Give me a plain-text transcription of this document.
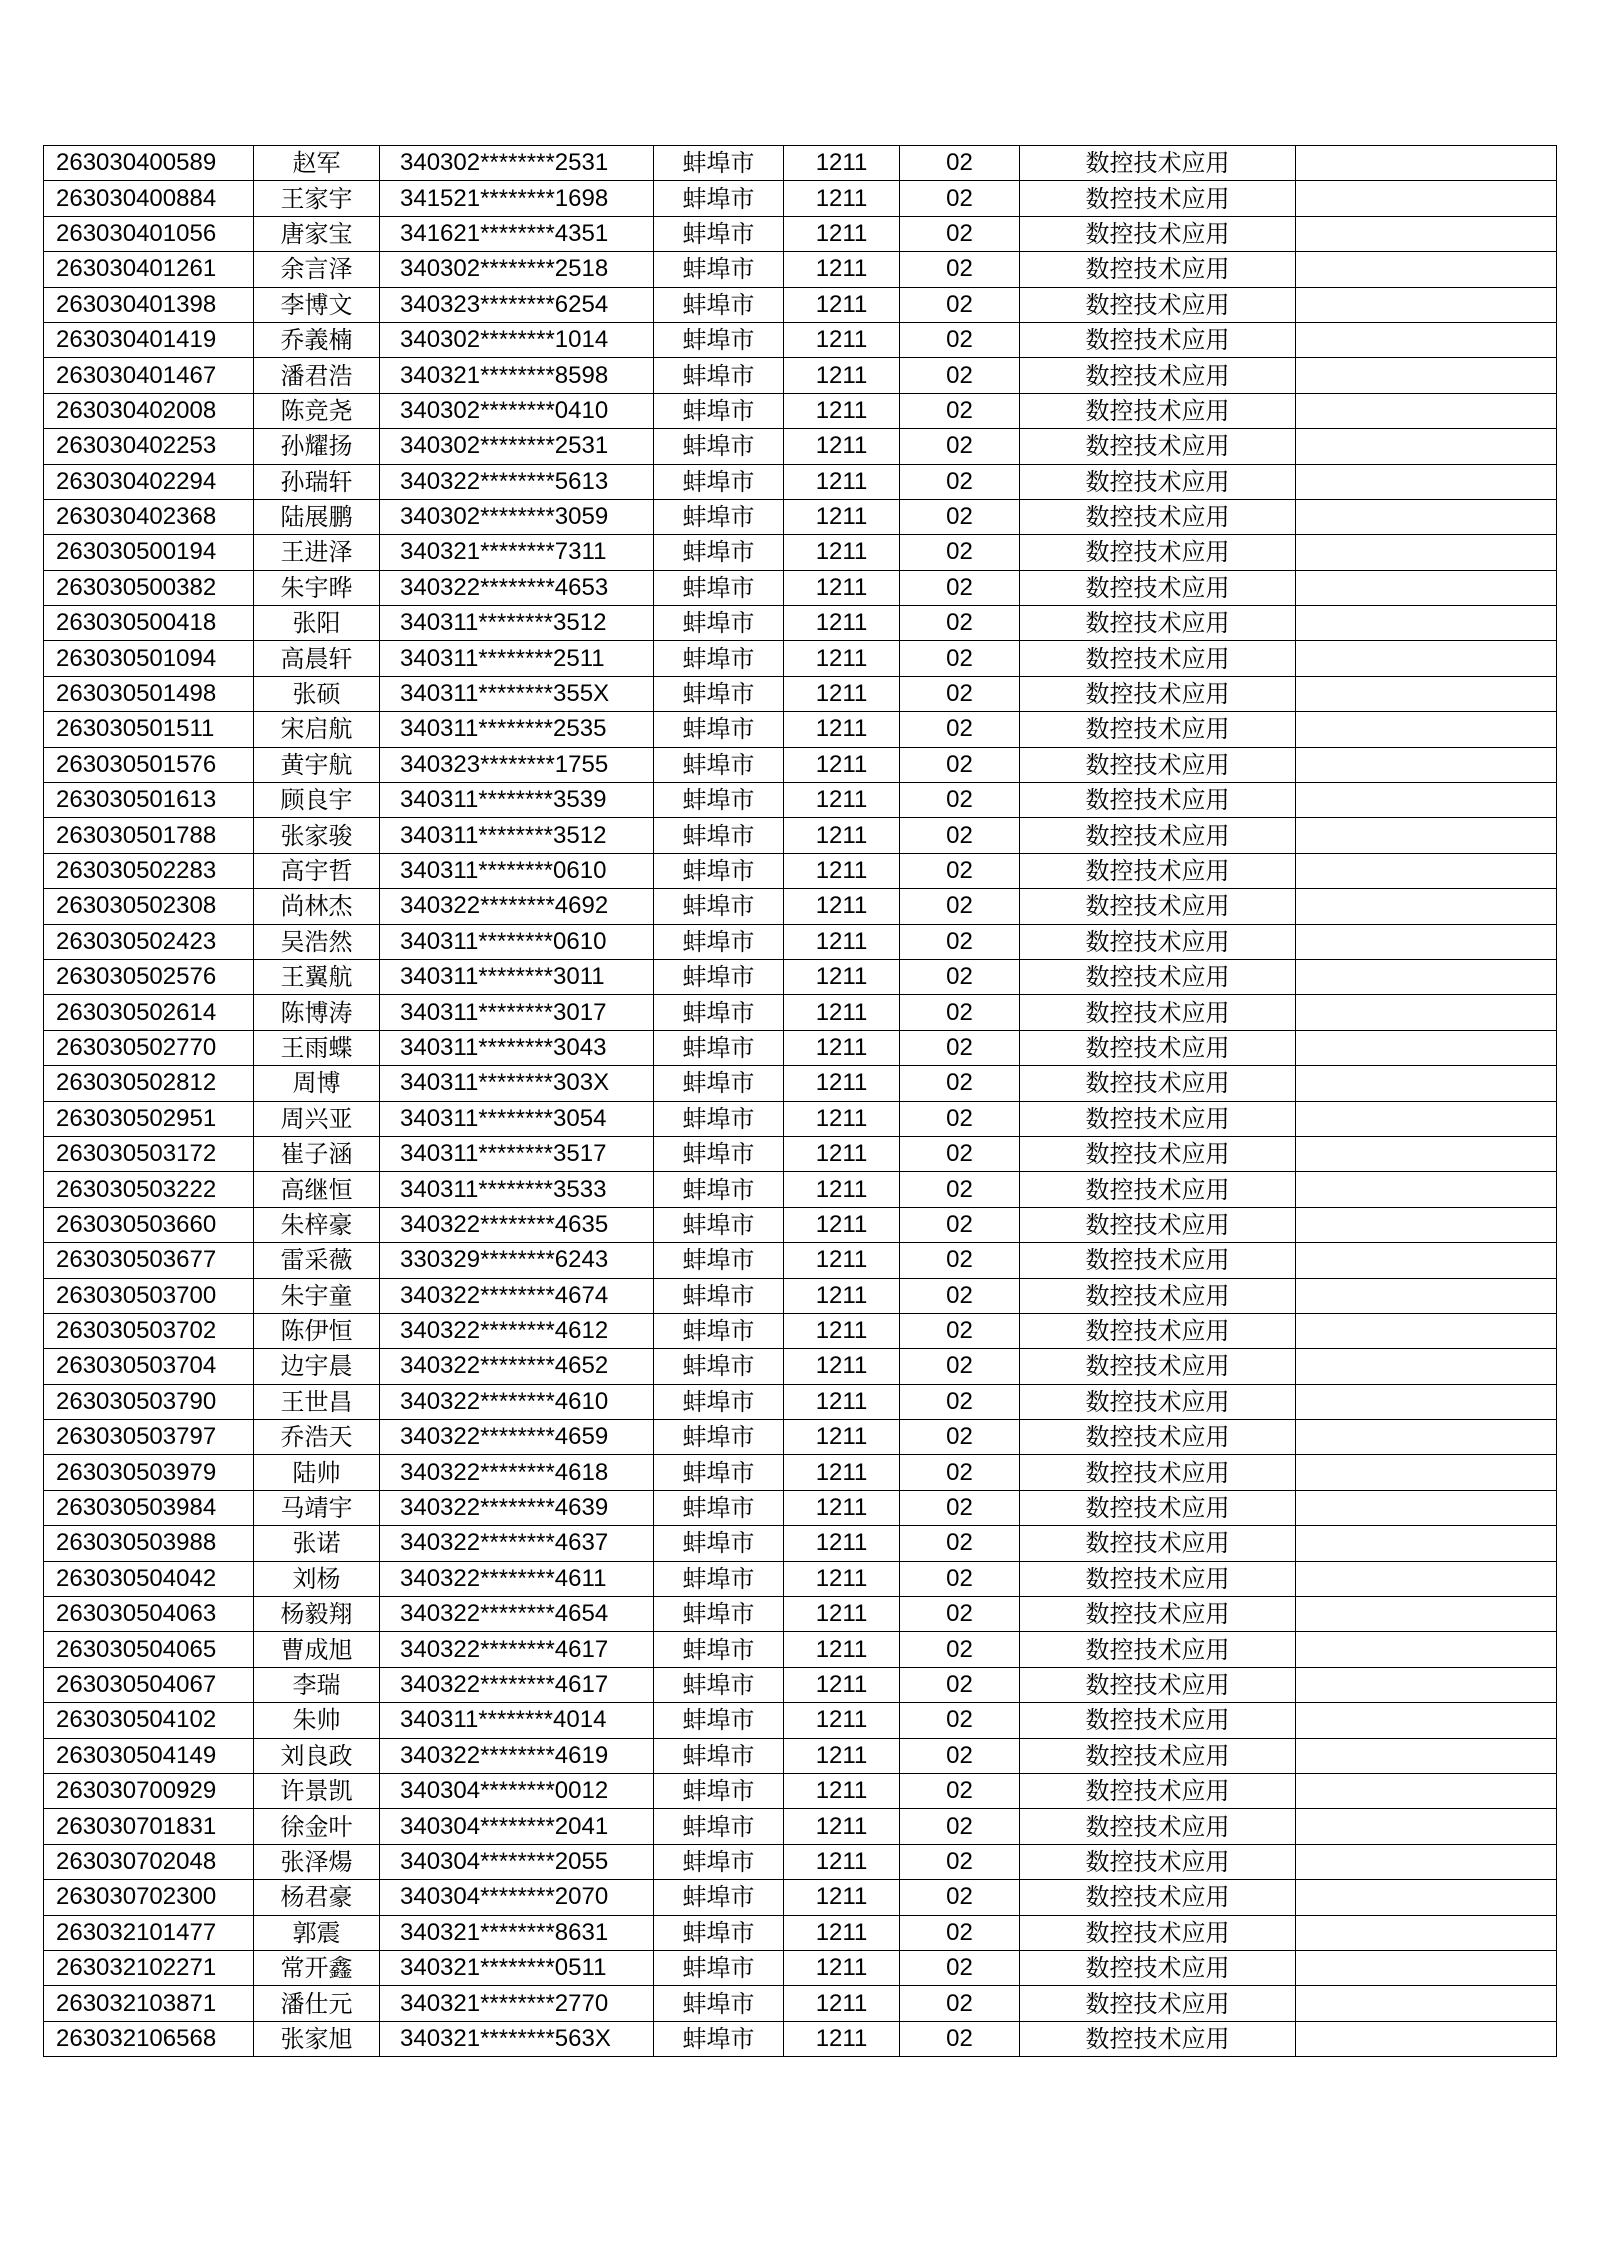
263030400589	赵军	340302********2531	蚌埠市	1211	02	数控技术应用	
263030400884	王家宇	341521********1698	蚌埠市	1211	02	数控技术应用	
263030401056	唐家宝	341621********4351	蚌埠市	1211	02	数控技术应用	
263030401261	余言泽	340302********2518	蚌埠市	1211	02	数控技术应用	
263030401398	李博文	340323********6254	蚌埠市	1211	02	数控技术应用	
263030401419	乔義楠	340302********1014	蚌埠市	1211	02	数控技术应用	
263030401467	潘君浩	340321********8598	蚌埠市	1211	02	数控技术应用	
263030402008	陈竞尧	340302********0410	蚌埠市	1211	02	数控技术应用	
263030402253	孙耀扬	340302********2531	蚌埠市	1211	02	数控技术应用	
263030402294	孙瑞轩	340322********5613	蚌埠市	1211	02	数控技术应用	
263030402368	陆展鹏	340302********3059	蚌埠市	1211	02	数控技术应用	
263030500194	王进泽	340321********7311	蚌埠市	1211	02	数控技术应用	
263030500382	朱宇晔	340322********4653	蚌埠市	1211	02	数控技术应用	
263030500418	张阳	340311********3512	蚌埠市	1211	02	数控技术应用	
263030501094	高晨轩	340311********2511	蚌埠市	1211	02	数控技术应用	
263030501498	张硕	340311********355X	蚌埠市	1211	02	数控技术应用	
263030501511	宋启航	340311********2535	蚌埠市	1211	02	数控技术应用	
263030501576	黄宇航	340323********1755	蚌埠市	1211	02	数控技术应用	
263030501613	顾良宇	340311********3539	蚌埠市	1211	02	数控技术应用	
263030501788	张家骏	340311********3512	蚌埠市	1211	02	数控技术应用	
263030502283	高宇哲	340311********0610	蚌埠市	1211	02	数控技术应用	
263030502308	尚林杰	340322********4692	蚌埠市	1211	02	数控技术应用	
263030502423	吴浩然	340311********0610	蚌埠市	1211	02	数控技术应用	
263030502576	王翼航	340311********3011	蚌埠市	1211	02	数控技术应用	
263030502614	陈博涛	340311********3017	蚌埠市	1211	02	数控技术应用	
263030502770	王雨蝶	340311********3043	蚌埠市	1211	02	数控技术应用	
263030502812	周博	340311********303X	蚌埠市	1211	02	数控技术应用	
263030502951	周兴亚	340311********3054	蚌埠市	1211	02	数控技术应用	
263030503172	崔子涵	340311********3517	蚌埠市	1211	02	数控技术应用	
263030503222	高继恒	340311********3533	蚌埠市	1211	02	数控技术应用	
263030503660	朱梓豪	340322********4635	蚌埠市	1211	02	数控技术应用	
263030503677	雷采薇	330329********6243	蚌埠市	1211	02	数控技术应用	
263030503700	朱宇童	340322********4674	蚌埠市	1211	02	数控技术应用	
263030503702	陈伊恒	340322********4612	蚌埠市	1211	02	数控技术应用	
263030503704	边宇晨	340322********4652	蚌埠市	1211	02	数控技术应用	
263030503790	王世昌	340322********4610	蚌埠市	1211	02	数控技术应用	
263030503797	乔浩天	340322********4659	蚌埠市	1211	02	数控技术应用	
263030503979	陆帅	340322********4618	蚌埠市	1211	02	数控技术应用	
263030503984	马靖宇	340322********4639	蚌埠市	1211	02	数控技术应用	
263030503988	张诺	340322********4637	蚌埠市	1211	02	数控技术应用	
263030504042	刘杨	340322********4611	蚌埠市	1211	02	数控技术应用	
263030504063	杨毅翔	340322********4654	蚌埠市	1211	02	数控技术应用	
263030504065	曹成旭	340322********4617	蚌埠市	1211	02	数控技术应用	
263030504067	李瑞	340322********4617	蚌埠市	1211	02	数控技术应用	
263030504102	朱帅	340311********4014	蚌埠市	1211	02	数控技术应用	
263030504149	刘良政	340322********4619	蚌埠市	1211	02	数控技术应用	
263030700929	许景凯	340304********0012	蚌埠市	1211	02	数控技术应用	
263030701831	徐金叶	340304********2041	蚌埠市	1211	02	数控技术应用	
263030702048	张泽煬	340304********2055	蚌埠市	1211	02	数控技术应用	
263030702300	杨君豪	340304********2070	蚌埠市	1211	02	数控技术应用	
263032101477	郭震	340321********8631	蚌埠市	1211	02	数控技术应用	
263032102271	常开鑫	340321********0511	蚌埠市	1211	02	数控技术应用	
263032103871	潘仕元	340321********2770	蚌埠市	1211	02	数控技术应用	
263032106568	张家旭	340321********563X	蚌埠市	1211	02	数控技术应用	
